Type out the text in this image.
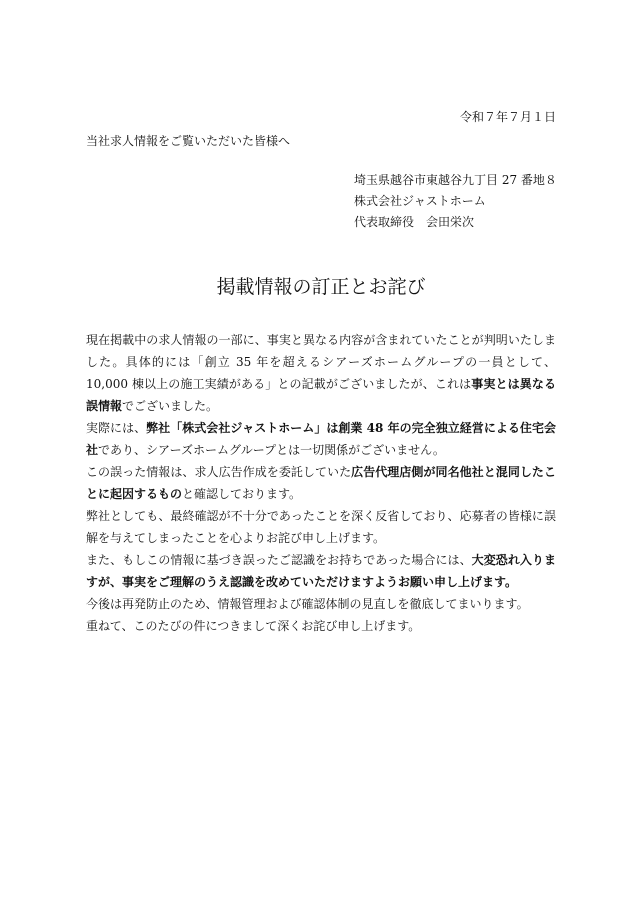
令和７年７月１日
当社求人情報をご覧いただいた皆様へ
埼玉県越谷市東越谷九丁目 27 番地８
株式会社ジャストホーム
代表取締役　会田栄次
掲載情報の訂正とお詫び

現在掲載中の求人情報の一部に、事実と異なる内容が含まれていたことが判明いたしました。具体的には「創立 35 年を超えるシアーズホームグループの一員として、10,000 棟以上の施工実績がある」との記載がございましたが、これは事実とは異なる誤情報でございました。

実際には、弊社「株式会社ジャストホーム」は創業 48 年の完全独立経営による住宅会社であり、シアーズホームグループとは一切関係がございません。

この誤った情報は、求人広告作成を委託していた広告代理店側が同名他社と混同したことに起因するものと確認しております。

弊社としても、最終確認が不十分であったことを深く反省しており、応募者の皆様に誤解を与えてしまったことを心よりお詫び申し上げます。

また、もしこの情報に基づき誤ったご認識をお持ちであった場合には、大変恐れ入りますが、事実をご理解のうえ認識を改めていただけますようお願い申し上げます。

今後は再発防止のため、情報管理および確認体制の見直しを徹底してまいります。

重ねて、このたびの件につきまして深くお詫び申し上げます。
